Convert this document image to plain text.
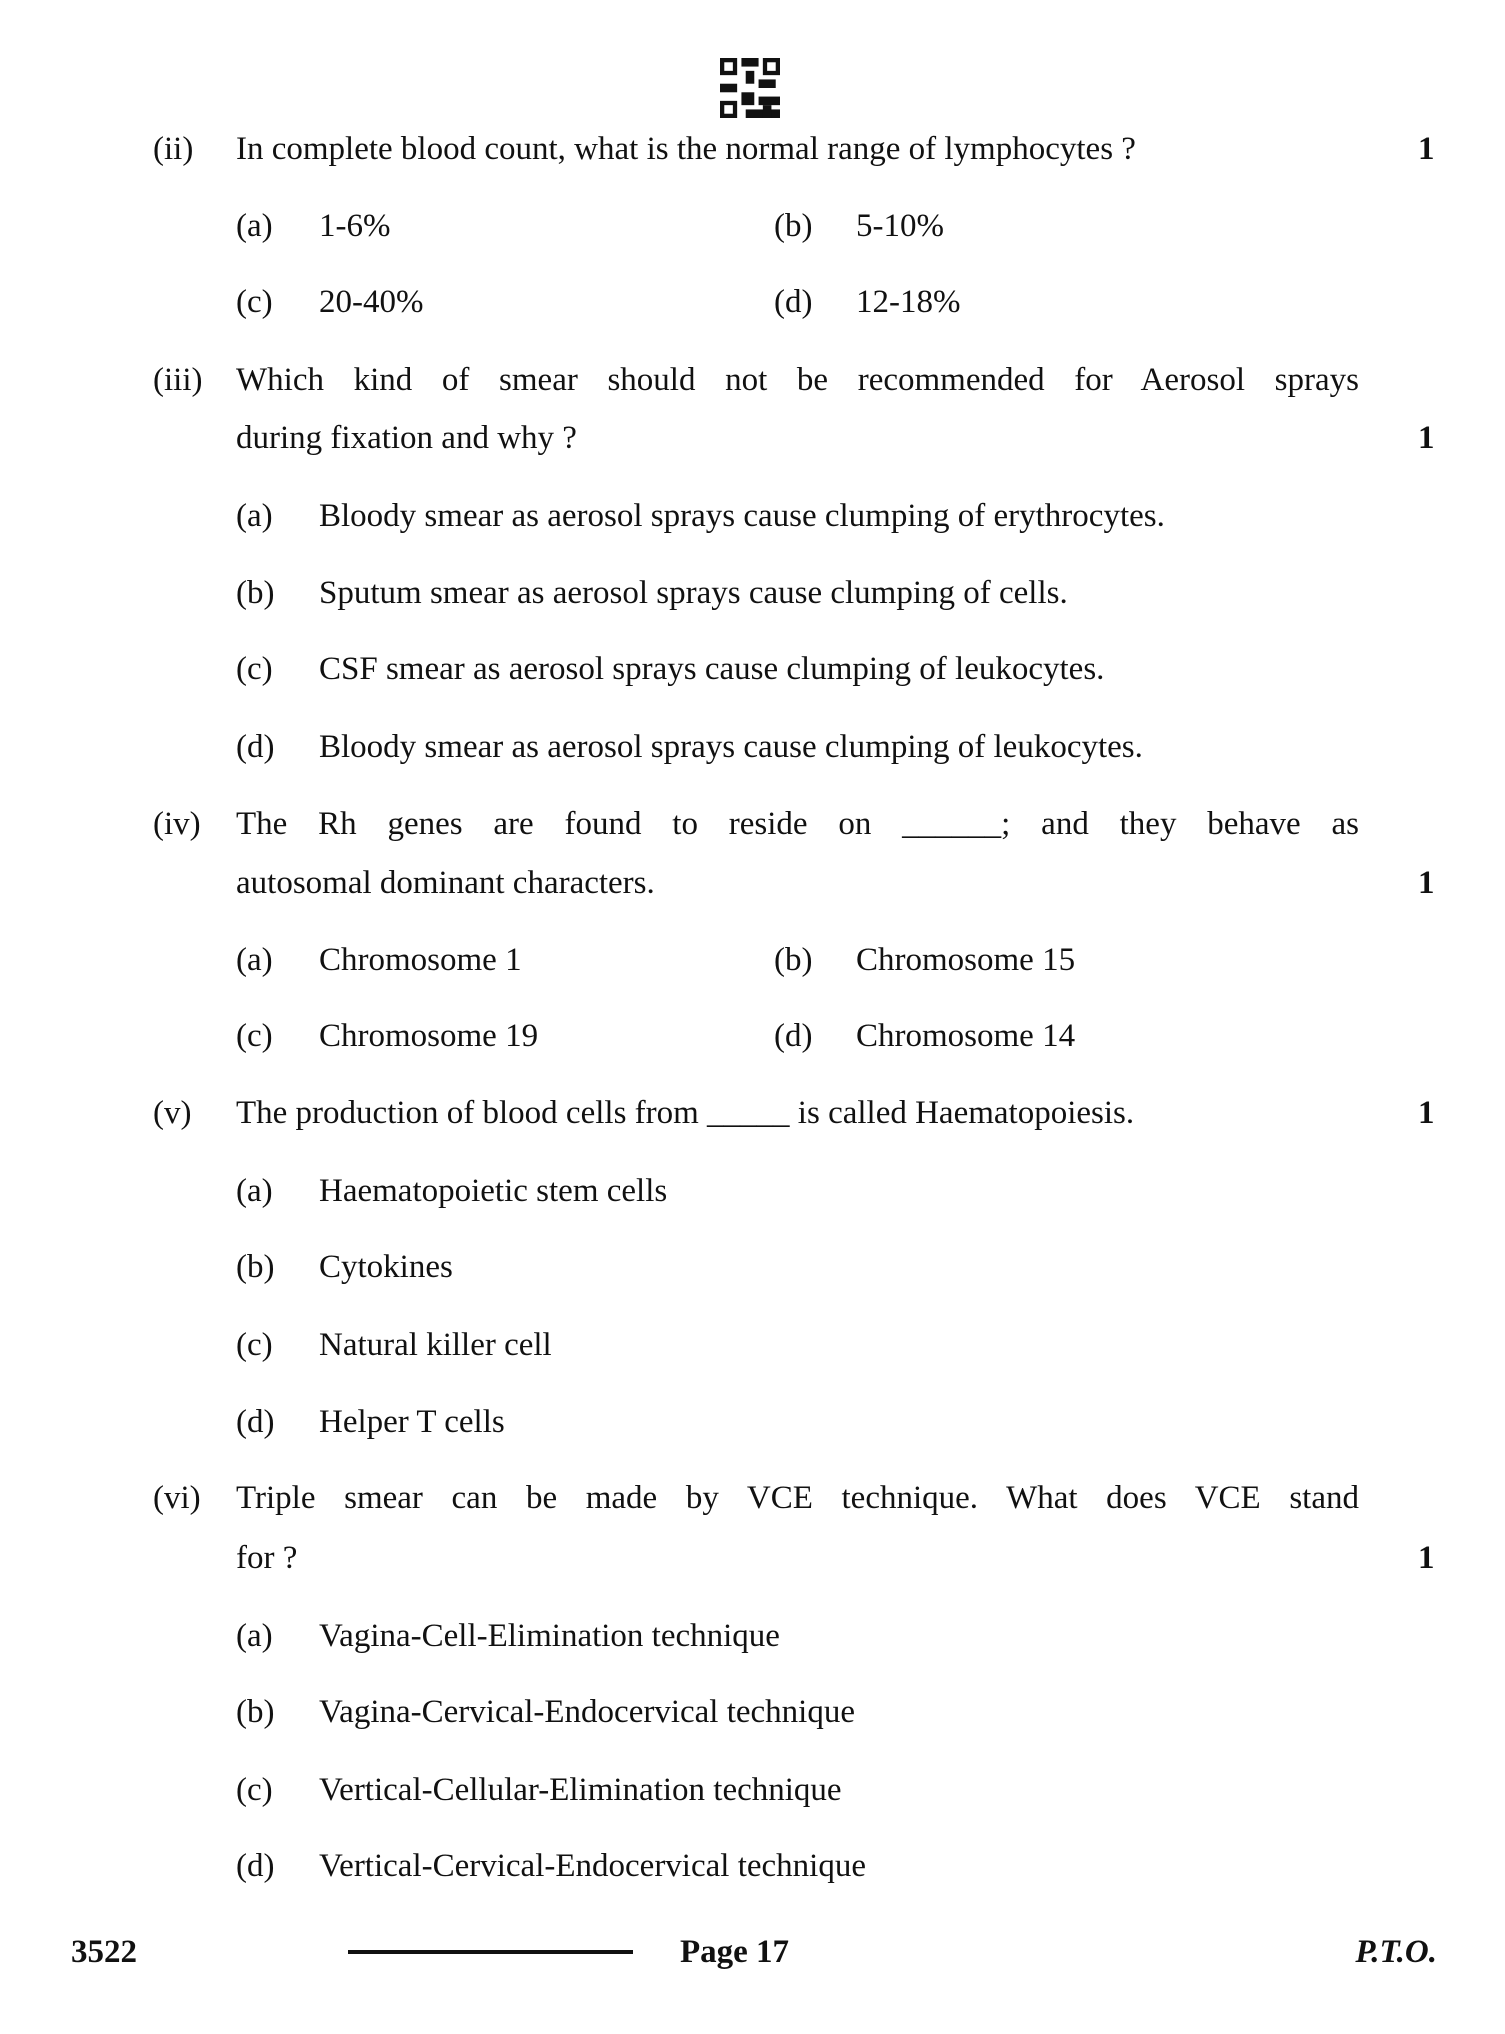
(ii) In complete blood count, what is the normal range of lymphocytes ?	1
(a) 1-6%	(b) 5-10%
(c) 20-40%	(d) 12-18%
(iii) Which kind of smear should not be recommended for Aerosol sprays
during fixation and why ?	1
(a) Bloody smear as aerosol sprays cause clumping of erythrocytes.
(b) Sputum smear as aerosol sprays cause clumping of cells.
(c) CSF smear as aerosol sprays cause clumping of leukocytes.
(d) Bloody smear as aerosol sprays cause clumping of leukocytes.
(iv) The Rh genes are found to reside on ______; and they behave as
autosomal dominant characters.	1
(a) Chromosome 1	(b) Chromosome 15
(c) Chromosome 19	(d) Chromosome 14
(v) The production of blood cells from _____ is called Haematopoiesis.	1
(a) Haematopoietic stem cells
(b) Cytokines
(c) Natural killer cell
(d) Helper T cells
(vi) Triple smear can be made by VCE technique. What does VCE stand
for ?	1
(a) Vagina-Cell-Elimination technique
(b) Vagina-Cervical-Endocervical technique
(c) Vertical-Cellular-Elimination technique
(d) Vertical-Cervical-Endocervical technique
3522	Page 17	P.T.O.
